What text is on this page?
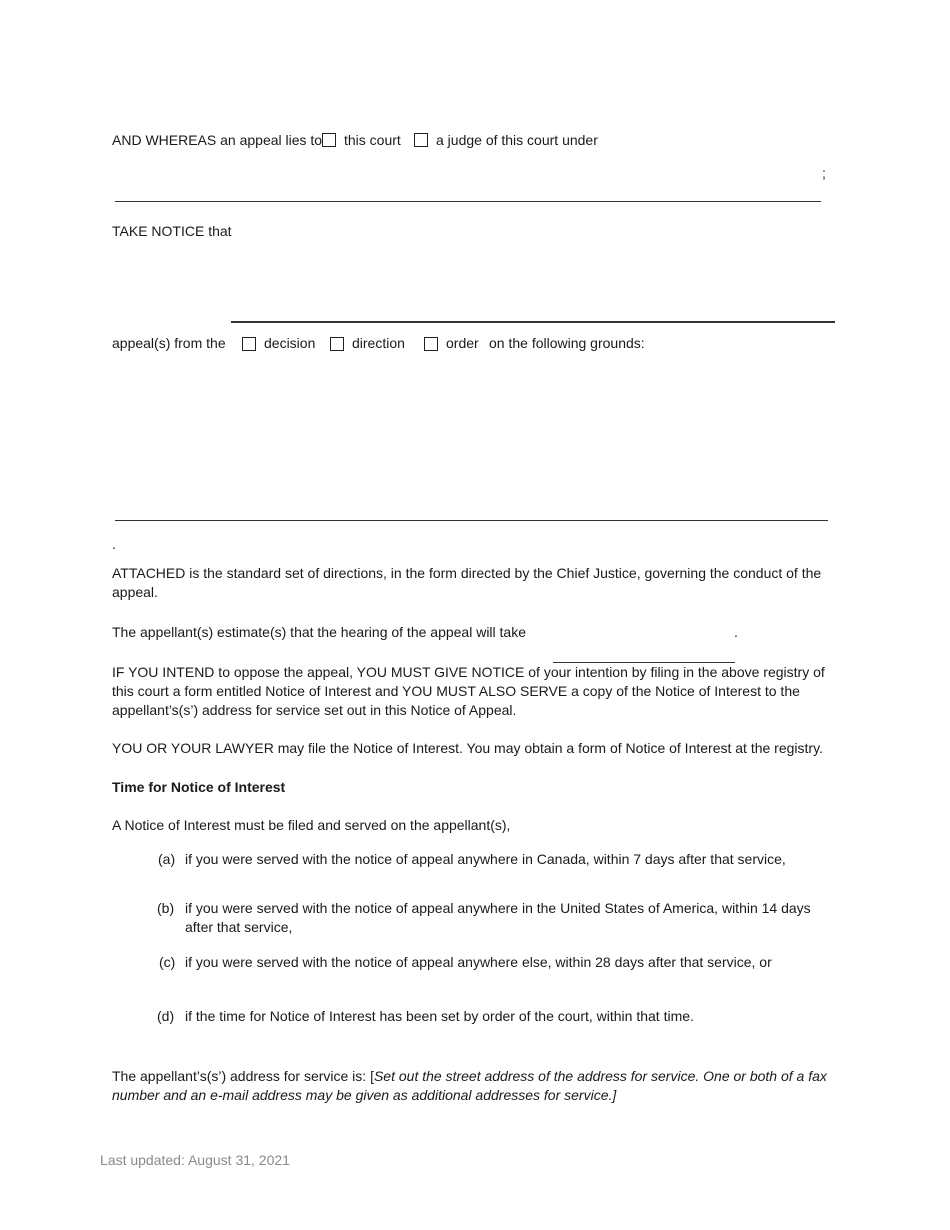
AND WHEREAS an appeal lies to this court	a judge of this court under
;
TAKE NOTICE that
appeal(s) from the	decision	direction	order on the following grounds:
.
ATTACHED is the standard set of directions, in the form directed by the Chief Justice, governing the conduct of the appeal.
The appellant(s) estimate(s) that the hearing of the appeal will take	.
IF YOU INTEND to oppose the appeal, YOU MUST GIVE NOTICE of your intention by filing in the above registry of this court a form entitled Notice of Interest and YOU MUST ALSO SERVE a copy of the Notice of Interest to the appellant’s(s’) address for service set out in this Notice of Appeal.
YOU OR YOUR LAWYER may file the Notice of Interest. You may obtain a form of Notice of Interest at the registry.
Time for Notice of Interest
A Notice of Interest must be filed and served on the appellant(s),
(a) if you were served with the notice of appeal anywhere in Canada, within 7 days after that service,
(b) if you were served with the notice of appeal anywhere in the United States of America, within 14 days after that service,
(c) if you were served with the notice of appeal anywhere else, within 28 days after that service, or
(d) if the time for Notice of Interest has been set by order of the court, within that time.
The appellant’s(s’) address for service is: [Set out the street address of the address for service. One or both of a fax number and an e-mail address may be given as additional addresses for service.]
Last updated: August 31, 2021
